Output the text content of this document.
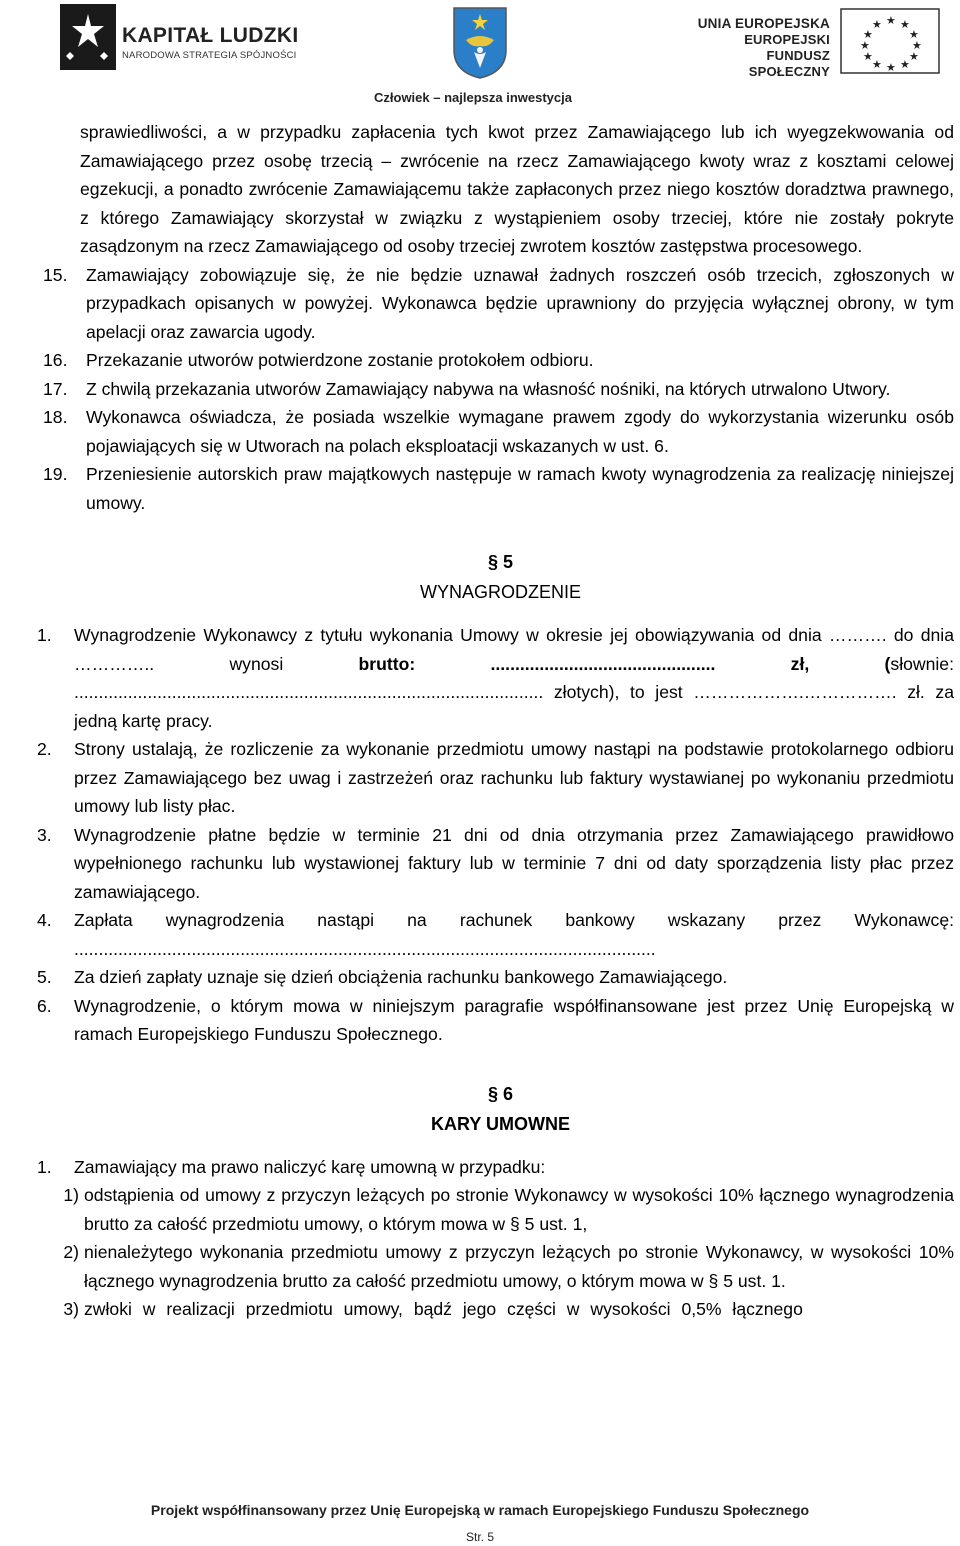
KAPITAŁ LUDZKI
NARODOWA STRATEGIA SPÓJNOŚCI
UNIA EUROPEJSKA
EUROPEJSKI
FUNDUSZ SPOŁECZNY
★ ★
★
★
★
★
★
★
★
★
★
★
Człowiek – najlepsza inwestycja

sprawiedliwości, a w przypadku zapłacenia tych kwot przez Zamawiającego lub ich wyegzekwowania od Zamawiającego przez osobę trzecią – zwrócenie na rzecz Zamawiającego kwoty wraz z kosztami celowej egzekucji, a ponadto zwrócenie Zamawiającemu także zapłaconych przez niego kosztów doradztwa prawnego, z którego Zamawiający skorzystał w związku z wystąpieniem osoby trzeciej, które nie zostały pokryte zasądzonym na rzecz Zamawiającego od osoby trzeciej zwrotem kosztów zastępstwa procesowego.

15.	Zamawiający zobowiązuje się, że nie będzie uznawał żadnych roszczeń osób trzecich, zgłoszonych w przypadkach opisanych w powyżej. Wykonawca będzie uprawniony do przyjęcia wyłącznej obrony, w tym apelacji oraz zawarcia ugody.
16.	Przekazanie utworów potwierdzone zostanie protokołem odbioru.
17.	Z chwilą przekazania utworów Zamawiający nabywa na własność nośniki, na których utrwalono Utwory.
18.	Wykonawca oświadcza, że posiada wszelkie wymagane prawem zgody do wykorzystania wizerunku osób pojawiających się w Utworach na polach eksploatacji wskazanych w ust. 6.
19.	Przeniesienie autorskich praw majątkowych następuje w ramach kwoty wynagrodzenia za realizację niniejszej umowy.
§ 5
WYNAGRODZENIE
1.	Wynagrodzenie Wykonawcy z tytułu wykonania Umowy w okresie jej obowiązywania od dnia ………. do dnia ………….. wynosi	brutto: .............................................. zł, (słownie: ................................................................................................ złotych), to jest ……………….……………. zł. za jedną kartę pracy.
2.	Strony ustalają, że rozliczenie za wykonanie przedmiotu umowy nastąpi na podstawie protokolarnego odbioru przez Zamawiającego bez uwag i zastrzeżeń oraz rachunku lub faktury wystawianej po wykonaniu przedmiotu umowy lub listy płac.
3.	Wynagrodzenie płatne będzie w terminie 21 dni od dnia otrzymania przez Zamawiającego prawidłowo wypełnionego rachunku lub wystawionej faktury lub w terminie 7 dni od daty sporządzenia listy płac przez zamawiającego.
4.	Zapłata wynagrodzenia nastąpi na rachunek bankowy wskazany przez Wykonawcę: .......................................................................................................................
5.	Za dzień zapłaty uznaje się dzień obciążenia rachunku bankowego Zamawiającego.
6.	Wynagrodzenie, o którym mowa w niniejszym paragrafie współfinansowane jest przez Unię Europejską w ramach Europejskiego Funduszu Społecznego.
§ 6
KARY UMOWNE
1.	Zamawiający ma prawo naliczyć karę umowną w przypadku:
1) odstąpienia od umowy z przyczyn leżących po stronie Wykonawcy w wysokości 10% łącznego wynagrodzenia brutto za całość przedmiotu umowy, o którym mowa w § 5 ust. 1,
2) nienależytego wykonania przedmiotu umowy z przyczyn leżących po stronie Wykonawcy, w wysokości 10% łącznego wynagrodzenia brutto za całość przedmiotu umowy, o którym mowa w § 5 ust. 1.
3) zwłoki w realizacji przedmiotu umowy, bądź jego części w wysokości 0,5% łącznego
Projekt współfinansowany przez Unię Europejską w ramach Europejskiego Funduszu Społecznego
Str. 5
